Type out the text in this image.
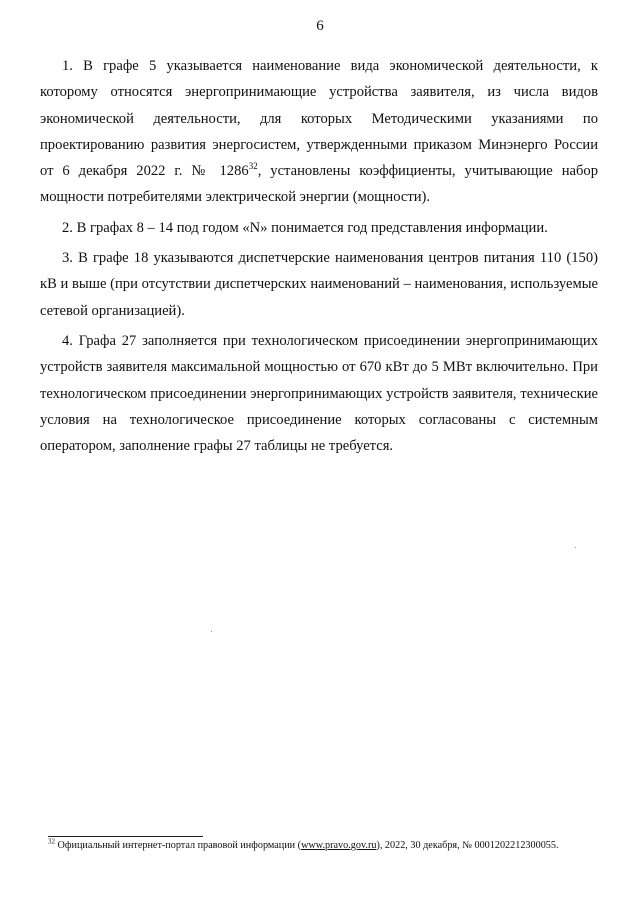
6

1. В графе 5 указывается наименование вида экономической деятельности, к которому относятся энергопринимающие устройства заявителя, из числа видов экономической деятельности, для которых Методическими указаниями по проектированию развития энергосистем, утвержденными приказом Минэнерго России от 6 декабря 2022 г. № 1286$^{32}$, установлены коэффициенты, учитывающие набор мощности потребителями электрической энергии (мощности).

2. В графах 8 – 14 под годом «N» понимается год представления информации.

3. В графе 18 указываются диспетчерские наименования центров питания 110 (150) кВ и выше (при отсутствии диспетчерских наименований – наименования, используемые сетевой организацией).

4. Графа 27 заполняется при технологическом присоединении энергопринимающих устройств заявителя максимальной мощностью от 670 кВт до 5 МВт включительно. При технологическом присоединении энергопринимающих устройств заявителя, технические условия на технологическое присоединение которых согласованы с системным оператором, заполнение графы 27 таблицы не требуется.

$^{32}$ Официальный интернет-портал правовой информации (www.pravo.gov.ru), 2022, 30 декабря, № 0001202212300055.
